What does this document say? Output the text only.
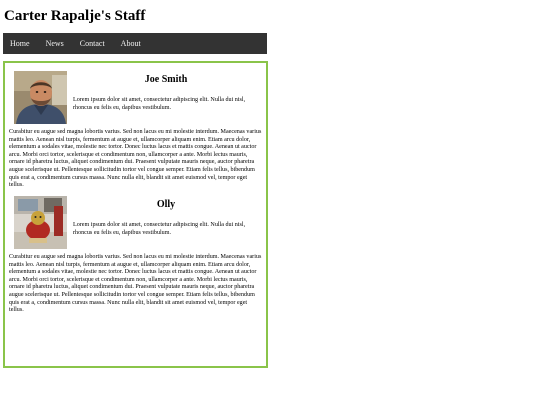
Carter Rapalje's Staff
Home	News	Contact	About
Joe Smith

Lorem ipsum dolor sit amet, consectetur adipiscing elit. Nulla dui nisl, rhoncus eu felis eu, dapibus vestibulum.

Curabitur eu augue sed magna lobortis varius. Sed non lacus eu mi molestie interdum. Maecenas varius mattis leo. Aenean nisl turpis, fermentum at augue et, ullamcorper aliquam enim. Etiam arcu dolor, elementum a sodales vitae, molestie nec tortor. Donec luctus lacus et mattis congue. Aenean ut auctor arcu. Morbi orci tortor, scelerisque et condimentum non, ullamcorper a ante. Morbi lectus mauris, ornare id pharetra luctus, aliquet condimentum dui. Praesent vulputate mauris neque, auctor pharetra augue scelerisque ut. Pellentesque sollicitudin tortor vel congue semper. Etiam felis tellus, bibendum quis erat a, condimentum cursus massa. Nunc nulla elit, blandit sit amet euismod vel, tempor eget tellus.

Olly

Lorem ipsum dolor sit amet, consectetur adipiscing elit. Nulla dui nisl, rhoncus eu felis eu, dapibus vestibulum.

Curabitur eu augue sed magna lobortis varius. Sed non lacus eu mi molestie interdum. Maecenas varius mattis leo. Aenean nisl turpis, fermentum at augue et, ullamcorper aliquam enim. Etiam arcu dolor, elementum a sodales vitae, molestie nec tortor. Donec luctus lacus et mattis congue. Aenean ut auctor arcu. Morbi orci tortor, scelerisque et condimentum non, ullamcorper a ante. Morbi lectus mauris, ornare id pharetra luctus, aliquet condimentum dui. Praesent vulputate mauris neque, auctor pharetra augue scelerisque ut. Pellentesque sollicitudin tortor vel congue semper. Etiam felis tellus, bibendum quis erat a, condimentum cursus massa. Nunc nulla elit, blandit sit amet euismod vel, tempor eget tellus.
